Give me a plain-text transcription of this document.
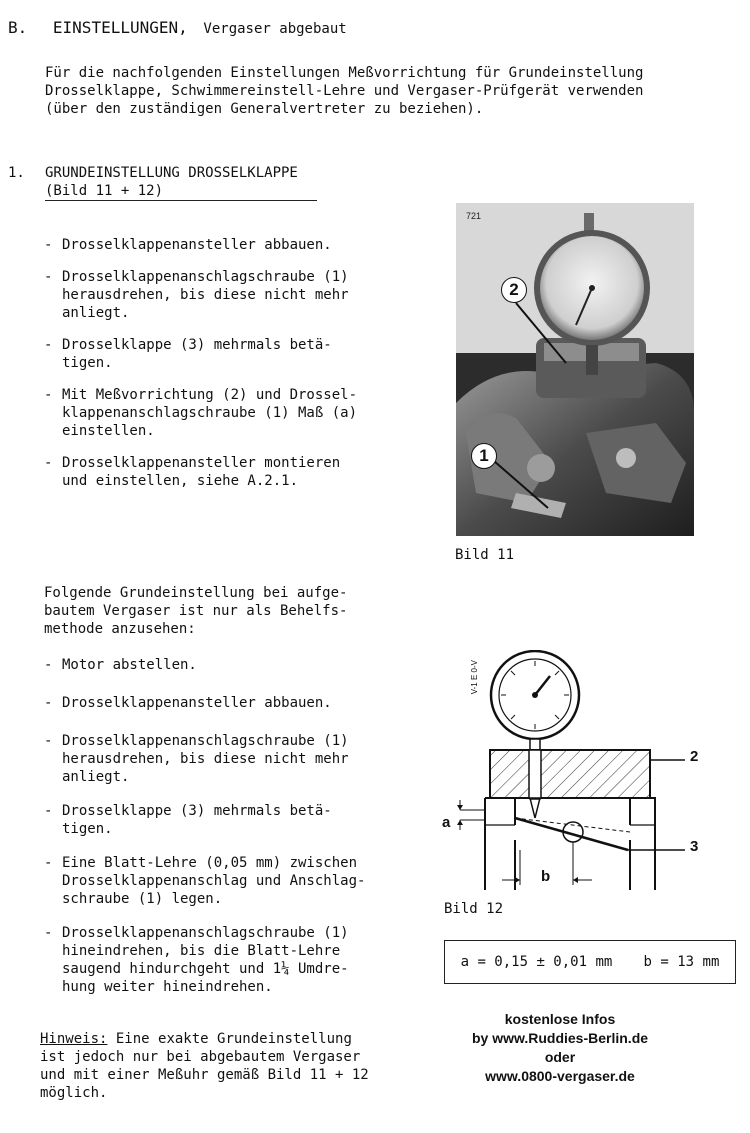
B. EINSTELLUNGEN, Vergaser abgebaut
Für die nachfolgenden Einstellungen Meßvorrichtung für Grundeinstellung
Drosselklappe, Schwimmereinstell-Lehre und Vergaser-Prüfgerät verwenden
(über den zuständigen Generalvertreter zu beziehen).
1. GRUNDEINSTELLUNG DROSSELKLAPPE
(Bild 11 + 12)
- Drosselklappenansteller abbauen.
- Drosselklappenanschlagschraube (1)
herausdrehen, bis diese nicht mehr
anliegt.
- Drosselklappe (3) mehrmals betä-
tigen.
- Mit Meßvorrichtung (2) und Drossel-
klappenanschlagschraube (1) Maß (a)
einstellen.
- Drosselklappenansteller montieren
und einstellen, siehe A.2.1.
Folgende Grundeinstellung bei aufge-
bautem Vergaser ist nur als Behelfs-
methode anzusehen:
- Motor abstellen.
- Drosselklappenansteller abbauen.
- Drosselklappenanschlagschraube (1)
herausdrehen, bis diese nicht mehr
anliegt.
- Drosselklappe (3) mehrmals betä-
tigen.
- Eine Blatt-Lehre (0,05 mm) zwischen
Drosselklappenanschlag und Anschlag-
schraube (1) legen.
- Drosselklappenanschlagschraube (1)
hineindrehen, bis die Blatt-Lehre
saugend hindurchgeht und 1¼ Umdre-
hung weiter hineindrehen.
Hinweis: Eine exakte Grundeinstellung
ist jedoch nur bei abgebautem Vergaser
und mit einer Meßuhr gemäß Bild 11 + 12
möglich.
721
2
1
Bild 11
V-1 E 0-V
2
3
a
b
Bild 12
a = 0,15 ± 0,01 mm b = 13 mm
kostenlose Infos
by www.Ruddies-Berlin.de
oder
www.0800-vergaser.de
